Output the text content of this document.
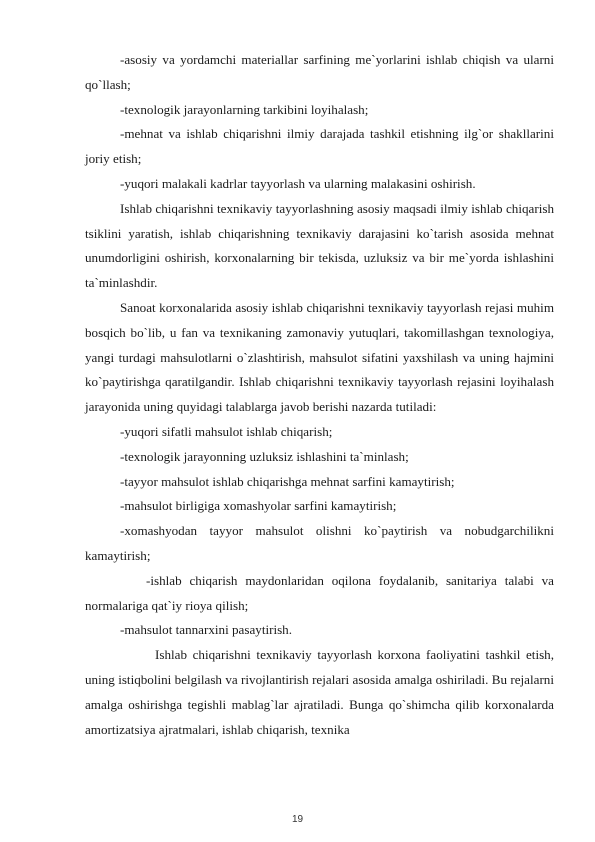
-asosiy va yordamchi materiallar sarfining me`yorlarini ishlab chiqish va ularni qo`llash;

-texnologik jarayonlarning tarkibini loyihalash;

-mehnat va ishlab chiqarishni ilmiy darajada tashkil etishning ilg`or shakllarini joriy etish;

-yuqori malakali kadrlar tayyorlash va ularning malakasini oshirish.

Ishlab chiqarishni texnikaviy tayyorlashning asosiy maqsadi ilmiy ishlab chiqarish tsiklini yaratish, ishlab chiqarishning texnikaviy darajasini ko`tarish asosida mehnat unumdorligini oshirish, korxonalarning bir tekisda, uzluksiz va bir me`yorda ishlashini ta`minlashdir.

Sanoat korxonalarida asosiy ishlab chiqarishni texnikaviy tayyorlash rejasi muhim bosqich bo`lib, u fan va texnikaning zamonaviy yutuqlari, takomillashgan texnologiya, yangi turdagi mahsulotlarni o`zlashtirish, mahsulot sifatini yaxshilash va uning hajmini ko`paytirishga qaratilgandir. Ishlab chiqarishni texnikaviy tayyorlash rejasini loyihalash jarayonida uning quyidagi talablarga javob berishi nazarda tutiladi:

-yuqori sifatli mahsulot ishlab chiqarish;

-texnologik jarayonning uzluksiz ishlashini ta`minlash;

-tayyor mahsulot ishlab chiqarishga mehnat sarfini kamaytirish;

-mahsulot birligiga xomashyolar sarfini kamaytirish;

-xomashyodan tayyor mahsulot olishni ko`paytirish va nobudgarchilikni kamaytirish;

-ishlab chiqarish maydonlaridan oqilona foydalanib, sanitariya talabi va normalariga qat`iy rioya qilish;

-mahsulot tannarxini pasaytirish.

Ishlab chiqarishni texnikaviy tayyorlash korxona faoliyatini tashkil etish, uning istiqbolini belgilash va rivojlantirish rejalari asosida amalga oshiriladi. Bu rejalarni amalga oshirishga tegishli mablag`lar ajratiladi. Bunga qo`shimcha qilib korxonalarda amortizatsiya ajratmalari, ishlab chiqarish, texnika

19
